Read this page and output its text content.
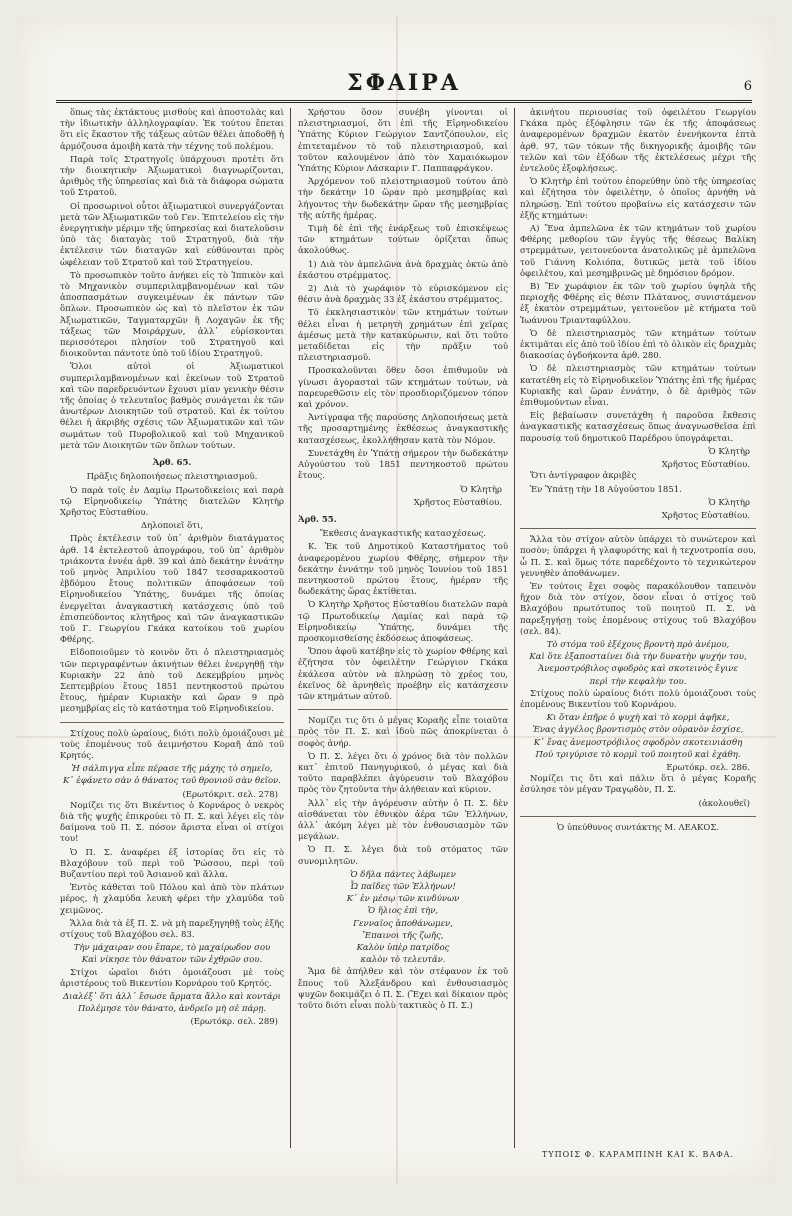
ΣΦΑΙΡΑ	6

ὅπως τὰς ἐκτάκτους μισθοὺς καὶ ἀποστολὰς καὶ τὴν ἰδιωτικὴν ἀλληλογραφίαν. Ἐκ τούτου ἔπεται ὅτι εἰς ἕκαστον τῆς τάξεως αὐτῶν θέλει ἀποδοθῇ ἡ ἀρμόζουσα ἀμοιβὴ κατὰ τὴν τέχνης τοῦ πολέμου.

Παρὰ τοῖς Στρατηγοῖς ὑπάρχουσι προτέτι ὅτι τὴν διοικητικὴν Ἀξιωματικοὶ διαγνωρίζονται, ἀριθμὸς τῆς ὑπηρεσίας καὶ διὰ τὰ διάφορα σώματα τοῦ Στρατοῦ.

Οἱ προσωρινοὶ οὗτοι ἀξιωματικοὶ συνεργάζονται μετὰ τῶν Ἀξιωματικῶν τοῦ Γεν. Ἐπιτελείου εἰς τὴν ἐνεργητικὴν μέριμν τῆς ὑπηρεσίας καὶ διατελοῦσιν ὑπὸ τὰς διαταγὰς τοῦ Στρατηγοῦ, διὰ τὴν ἐκτέλεσιν τῶν διαταγῶν καὶ εὐθύνονται πρὸς ὠφέλειαν τοῦ Στρατοῦ καὶ τοῦ Στρατηγείου.

Τὸ προσωπικὸν τοῦτο ἀνήκει εἰς τὸ Ἱππικὸν καὶ τὸ Μηχανικὸν συμπεριλαμβανομένων καὶ τῶν ἀποσπασμάτων συγκειμένων ἐκ πάντων τῶν ὅπλων. Προσωπικὸν ὡς καὶ τὸ πλεῖστον ἐκ τῶν Ἀξιωματικῶν, Ταγματαρχῶν ἢ Λοχαγῶν ἐκ τῆς τάξεως τῶν Μοιράρχων, ἀλλ᾽ εὑρίσκονται περισσότεροι πλησίον τοῦ Στρατηγοῦ καὶ διοικοῦνται πάντοτε ὑπὸ τοῦ ἰδίου Στρατηγοῦ.

Ὅλοι αὐτοὶ οἱ Ἀξιωματικοὶ συμπεριλαμβανομένων καὶ ἐκείνων τοῦ Στρατοῦ καὶ τῶν παρεδρευόντων ἔχουσι μίαν γενικὴν θέσιν τῆς ὁποίας ὁ τελευταῖος βαθμὸς συνάγεται ἐκ τῶν ἀνωτέρων Διοικητῶν τοῦ στρατοῦ. Καὶ ἐκ τούτου θέλει ἡ ἀκριβὴς σχέσις τῶν Ἀξιωματικῶν καὶ τῶν σωμάτων τοῦ Πυροβολικοῦ καὶ τοῦ Μηχανικοῦ μετὰ τῶν Διοικητῶν τῶν ὅπλων τούτων.

Ἀρθ. 65.

Πρᾶξις δηλοποιήσεως πλειστηριασμοῦ.

Ὁ παρὰ τοῖς ἐν Δαμίῳ Πρωτοδικείοις καὶ παρὰ τῷ Εἰρηνοδικείῳ Ὑπάτης διατελῶν Κλητὴρ Χρῆστος Εὐσταθίου.

Δηλοποιεῖ ὅτι,

Πρὸς ἐκτέλεσιν τοῦ ὑπ᾽ ἀριθμὸν διατάγματος ἀρθ. 14 ἐκτελεστοῦ ἀπογράφου, τοῦ ὑπ᾽ ἀριθμὸν τριάκοντα ἐννέα ἀρθ. 39 καὶ ἀπὸ δεκάτην ἐννάτην τοῦ μηνὸς Ἀπριλίου τοῦ 1847 τεσσαρακοστοῦ ἑβδόμου ἔτους πολιτικῶν ἀποφάσεων τοῦ Εἰρηνοδικείου Ὑπάτης, δυνάμει τῆς ὁποίας ἐνεργεῖται ἀναγκαστικὴ κατάσχεσις ὑπὸ τοῦ ἐπισπεύδοντος κλητῆρος καὶ τῶν ἀναγκαστικῶν τοῦ Γ. Γεωργίου Γκάκα κατοίκου τοῦ χωρίου Φθέρης.

Εἰδοποιοῦμεν τὸ κοινὸν ὅτι ὁ πλειστηριασμὸς τῶν περιγραφέντων ἀκινήτων θέλει ἐνεργηθῇ τὴν Κυριακὴν 22 ἀπὸ τοῦ Δεκεμβρίου μηνὸς Σεπτεμβρίου ἔτους 1851 πεντηκοστοῦ πρώτου ἔτους, ἡμέραν Κυριακὴν καὶ ὥραν 9 πρὸ μεσημβρίας εἰς τὸ κατάστημα τοῦ Εἰρηνοδικείου.

Στίχους πολὺ ὡραίους, διότι πολὺ ὁμοιάζουσι μὲ τοὺς ἐπομένους τοῦ ἀειμνήστου Κοραῆ ἀπὸ τοῦ Κρητός.

Ἡ σάλπιγγα εἶπε πέρασε τῆς μάχης τὸ σημεῖο,

Κ᾽ ἐφάνετο σὰν ὁ θάνατος τοῦ θρονιοῦ σὰν θεῖον.

(Ερωτόκριτ. σελ. 278)

Νομίζει τις ὅτι Βικέντιος ὁ Κορνάρος ὁ νεκρὸς διὰ τῆς ψυχῆς ἐπικρούει τὸ Π. Σ. καὶ λέγει εἰς τὸν δαίμονα τοῦ Π. Σ. πόσον ἄριστα εἶναι οἱ στίχοι του!

Ὁ Π. Σ. ἀναφέρει ἐξ ἱστορίας ὅτι εἰς τὸ Βλαχόβουν τοῦ περὶ τοῦ Ῥώσσου, περὶ τοῦ Βυζαντίου περὶ τοῦ Ἀσιανοῦ καὶ ἄλλα.

Ἐντὸς κάθεται τοῦ Πόλου καὶ ἀπὸ τὸν πλάτων μέρος, ἡ χλαμύδα λευκὴ φέρει τὴν χλαμύδα τοῦ χειμῶνος.

Ἄλλα διὰ τὰ ἐξ Π. Σ. νὰ μὴ παρεξηγηθῇ τοὺς ἑξῆς στίχους τοῦ Βλαχόβου σελ. 83.

Τὴν μάχαιραν σου ἔπαρε, τὸ μαχαίρωδον σου

Καὶ νίκησε τὸν θάνατον τῶν ἐχθρῶν σου.

Στίχοι ὡραῖοι διότι ὁμοιάζουσι μὲ τοὺς ἀριστέρους τοῦ Βικεντίου Κορνάρου τοῦ Κρητός.

Διαλέξ᾽ ὅτι ἀλλ᾽ ἔσωσε ἄρματα ἄλλο καὶ κοντάρι

Πολέμησε τὸν θάνατο, ἀνδρεῖο μὴ σὲ πάρῃ.

(Ερωτόκρ. σελ. 289)

Χρήστου ὅσον συνέβη γίνονται οἱ πλειστηριασμοί, ὅτι ἐπὶ τῆς Εἰρηνοδικείου Ὑπάτης Κύριον Γεώργιον Σαντζόπουλον, εἰς ἐπιτεταμένον τὸ τοῦ πλειστηριασμοῦ, καὶ τοῦτον καλουμένον ἀπὸ τὸν Χαμαιόκωμον Ὑπάτης Κύριον Λάσκαριν Γ. Παππαφράγκον.

Ἀρχόμενον τοῦ πλειστηριασμοῦ τούτου ἀπὸ τὴν δεκάτην 10 ὥραν πρὸ μεσημβρίας καὶ λήγοντος τὴν δωδεκάτην ὥραν τῆς μεσημβρίας τῆς αὐτῆς ἡμέρας.

Τιμὴ δὲ ἐπὶ τῆς ἐνάρξεως τοῦ ἐπισκέψεως τῶν κτημάτων τούτων ὁρίζεται ὅπως ἀκολούθως.

1) Διὰ τὸν ἀμπελῶνα ἀνὰ δραχμὰς ὀκτὼ ἀπὸ ἑκάστου στρέμματος.

2) Διὰ τὸ χωράφιον τὸ εὑρισκόμενον εἰς θέσιν ἀνὰ δραχμὰς 33 ἐξ ἑκάστου στρέμματος.

Τὸ ἐκκλησιαστικὸν τῶν κτημάτων τούτων θέλει εἶναι ἡ μετρητὴ χρημάτων ἐπὶ χεῖρας ἀμέσως μετὰ τὴν κατακύρωσιν, καὶ ὅτι τοῦτο μεταδίδεται εἰς τὴν πρᾶξιν τοῦ πλειστηριασμοῦ.

Προσκαλοῦνται ὅθεν ὅσοι ἐπιθυμοῦν νὰ γίνωσι ἀγορασταὶ τῶν κτημάτων τούτων, νὰ παρευρεθῶσιν εἰς τὸν προσδιοριζόμενον τόπον καὶ χρόνον.

Ἀντίγραφα τῆς παρούσης Δηλοποιήσεως μετὰ τῆς προσαρτημένης ἐκθέσεως ἀναγκαστικῆς κατασχέσεως, ἐκολλήθησαν κατὰ τὸν Νόμον.

Συνετάχθη ἐν Ὑπάτῃ σήμερον τὴν δωδεκάτην Αὐγούστου τοῦ 1851 πεντηκοστοῦ πρώτου ἔτους.

Ὁ Κλητὴρ

Χρῆστος Εὐσταθίου.

Ἀρθ. 55.

Ἔκθεσις ἀναγκαστικῆς κατασχέσεως.

Κ. Ἐκ τοῦ Δημοτικοῦ Καταστήματος τοῦ ἀναφερομένου χωρίου Φθέρης, σήμερον τὴν δεκάτην ἐννάτην τοῦ μηνὸς Ἰουνίου τοῦ 1851 πεντηκοστοῦ πρώτου ἔτους, ἡμέραν τῆς δωδεκάτης ὥρας ἐκτίθεται.

Ὁ Κλητὴρ Χρῆστος Εὐσταθίου διατελῶν παρὰ τῷ Πρωτοδικείῳ Λαμίας καὶ παρὰ τῷ Εἰρηνοδικείῳ Ὑπάτης, δυνάμει τῆς προσκομισθείσης ἐκδόσεως ἀποφάσεως.

Ὅπου ἀφοῦ κατέβην εἰς τὸ χωρίον Φθέρης καὶ ἐζήτησα τὸν ὀφειλέτην Γεώργιον Γκάκα ἐκάλεσα αὐτὸν νὰ πληρώσῃ τὸ χρέος του, ἐκεῖνος δὲ ἀρνηθεὶς προέβην εἰς κατάσχεσιν τῶν κτημάτων αὐτοῦ.

Νομίζει τις ὅτι ὁ μέγας Κοραῆς εἶπε τοιαῦτα πρὸς τὸν Π. Σ. καὶ ἰδοὺ πῶς ἀποκρίνεται ὁ σοφὸς ἀνήρ.

Ὁ Π. Σ. λέγει ὅτι ὁ χρόνος διὰ τὸν πολλῶν κατ᾽ ἐπιτοῦ Πανηγυρικοῦ, ὁ μέγας καὶ διὰ τοῦτο παραβλέπει ἀγύρευσιν τοῦ Βλαχόβου πρὸς τὸν ζητοῦντα τὴν ἀλήθειαν καὶ κύριον.

Ἀλλ᾽ εἰς τὴν ἀγόρευσιν αὐτὴν ὁ Π. Σ. δὲν αἰσθάνεται τὸν ἐθνικὸν ἀέρα τῶν Ἑλλήνων, ἀλλ᾽ ἀκόμη λέγει μὲ τὸν ἐνθουσιασμὸν τῶν μεγάλων.

Ὁ Π. Σ. λέγει διὰ τοῦ στόματος τῶν συνομιλητῶν.

Ὁ δῆλα πάντες λάβωμεν

Ὦ παῖδες τῶν Ἑλλήνων!

Κ᾽ ἐν μέσῳ τῶν κινδύνων

Ὁ ἥλιος ἐπὶ τὴν,

Γενναῖος ἀποθάνωμεν,

Ἔπαινοι τῆς ζωῆς,

Καλὸν ὑπὲρ πατρίδος

καλὸν τὸ τελευτᾶν.

Ἄμα δὲ ἀπήλθεν καὶ τὸν στέφανον ἐκ τοῦ ἔπους τοῦ Ἀλεξάνδρου καὶ ἐνθουσιασμὸς ψυχῶν δοκιμάζει ὁ Π. Σ. (Ἔχει καὶ δίκαιον πρὸς τοῦτο διότι εἶναι πολὺ τακτικὸς ὁ Π. Σ.)

ἀκινήτου περιουσίας τοῦ ὀφειλέτου Γεωργίου Γκάκα πρὸς ἐξόφλησιν τῶν ἐκ τῆς ἀποφάσεως ἀναφερομένων δραχμῶν ἑκατὸν ἐνενήκοντα ἑπτὰ ἀρθ. 97, τῶν τόκων τῆς δικηγορικῆς ἀμοιβῆς τῶν τελῶν καὶ τῶν ἐξόδων τῆς ἐκτελέσεως μέχρι τῆς ἐντελοῦς ἐξοφλήσεως.

Ὁ Κλητὴρ ἐπὶ τούτου ἐπορεύθην ὑπὸ τῆς ὑπηρεσίας καὶ ἐζήτησα τὸν ὀφειλέτην, ὁ ὁποῖος ἀρνήθη νὰ πληρώσῃ. Ἐπὶ τούτου προβαίνω εἰς κατάσχεσιν τῶν ἑξῆς κτημάτων:

Α) Ἕνα ἀμπελῶνα ἐκ τῶν κτημάτων τοῦ χωρίου Φθέρης μεθορίου τῶν ἐγγὺς τῆς θέσεως Βαλίκη στρεμμάτων, γειτονεύοντα ἀνατολικῶς μὲ ἀμπελῶνα τοῦ Γιάννη Κολιόπα, δυτικῶς μετὰ τοῦ ἰδίου ὀφειλέτου, καὶ μεσημβρινῶς μὲ δημόσιον δρόμον.

Β) Ἕν χωράφιον ἐκ τῶν τοῦ χωρίου ὑψηλὰ τῆς περιοχῆς Φθέρης εἰς θέσιν Πλάτανος, συνιστάμενον ἐξ ἑκατὸν στρεμμάτων, γειτονεῦον μὲ κτήματα τοῦ Ἰωάννου Τριανταφύλλου.

Ὁ δὲ πλειστηριασμὸς τῶν κτημάτων τούτων ἐκτιμᾶται εἰς ἀπὸ τοῦ ἰδίου ἐπὶ τὸ ὀλικὸν εἰς δραχμὰς διακοσίας ὀγδοήκοντα ἀρθ. 280.

Ὁ δὲ πλειστηριασμὸς τῶν κτημάτων τούτων κατατέθη εἰς τὸ Εἰρηνοδικεῖον Ὑπάτης ἐπὶ τῆς ἡμέρας Κυριακῆς καὶ ὥραν ἐννάτην, ὁ δὲ ἀριθμὸς τῶν ἐπιθυμούντων εἶναι.

Εἰς βεβαίωσιν συνετάχθη ἡ παροῦσα ἔκθεσις ἀναγκαστικῆς κατασχέσεως ὅπως ἀναγνωσθεῖσα ἐπὶ παρουσίᾳ τοῦ δημοτικοῦ Παρέδρου ὑπογράφεται.

Ὁ Κλητὴρ

Χρῆστος Εὐσταθίου.

Ὅτι ἀντίγραφον ἀκριβὲς

Ἐν Ὑπάτῃ τὴν 18 Αὐγούστου 1851.

Ὁ Κλητὴρ

Χρῆστος Εὐσταθίου.

Ἄλλα τὸν στίχον αὐτὸν ὑπάρχει τὸ συνώτερον καὶ ποσὸν; ὑπάρχει ἡ γλαφυρότης καὶ ἡ τεχνοτροπία σου, ὦ Π. Σ. καὶ ὅμως τότε παρεδέχοντο τὸ τεχνικώτερον γεννηθὲν ἀποθάνωμεν.

Ἐν τούτοις ἔχει σοφὸς παρακόλουθον ταπεινὸν ἤχον διὰ τὸν στίχον, ὅσον εἶναι ὁ στίχος τοῦ Βλαχόβου πρωτότυπος τοῦ ποιητοῦ Π. Σ. νὰ παρεξηγήσῃ τοὺς ἐπομένους στίχους τοῦ Βλαχόβου (σελ. 84).

Τὸ στόμα τοῦ ἐξέχους βροντὴ πρὸ ἀνέμου,

Καὶ ὅτε ἐξαποσταίνει διὰ τὴν δυνατὴν ψυχήν του,

Ἀνεμοστρόβιλος σφοδρὸς καὶ σκοτεινὸς ἔγινε

περὶ τὴν κεφαλὴν του.

Στίχους πολὺ ὡραίους διότι πολὺ ὁμοιάζουσι τοὺς ἐπομένους Βικεντίου τοῦ Κορνάρου.

Κι ὅταν ἐπῆρε ὁ ψυχὴ καὶ τὸ κορμὶ ἀφῆκε,

Ἐνας ἀγγέλος βροντισμὸς στὸν οὐρανὸν ἐσχίσε,

Κ᾽ ἕνας ἀνεμοστρόβιλος σφοδρὸν σκοτεινιάσθη

Πού τριγύρισε τὸ κορμὶ τοῦ ποιητοῦ καὶ ἐχάθη.

Ερωτόκρ. σελ. 286.

Νομίζει τις ὅτι καὶ πάλιν ὅτι ὁ μέγας Κοραῆς ἐσύλησε τὸν μέγαν Τραγῳδὸν, Π. Σ.

(ἀκολουθεῖ)

Ὁ ὑπεύθυνος συντάκτης Μ. ΛΕΑΚΟΣ.

ΤΥΠΟΙΣ Φ. ΚΑΡΑΜΠΙΝΗ ΚΑΙ Κ. ΒΑΦΑ.
